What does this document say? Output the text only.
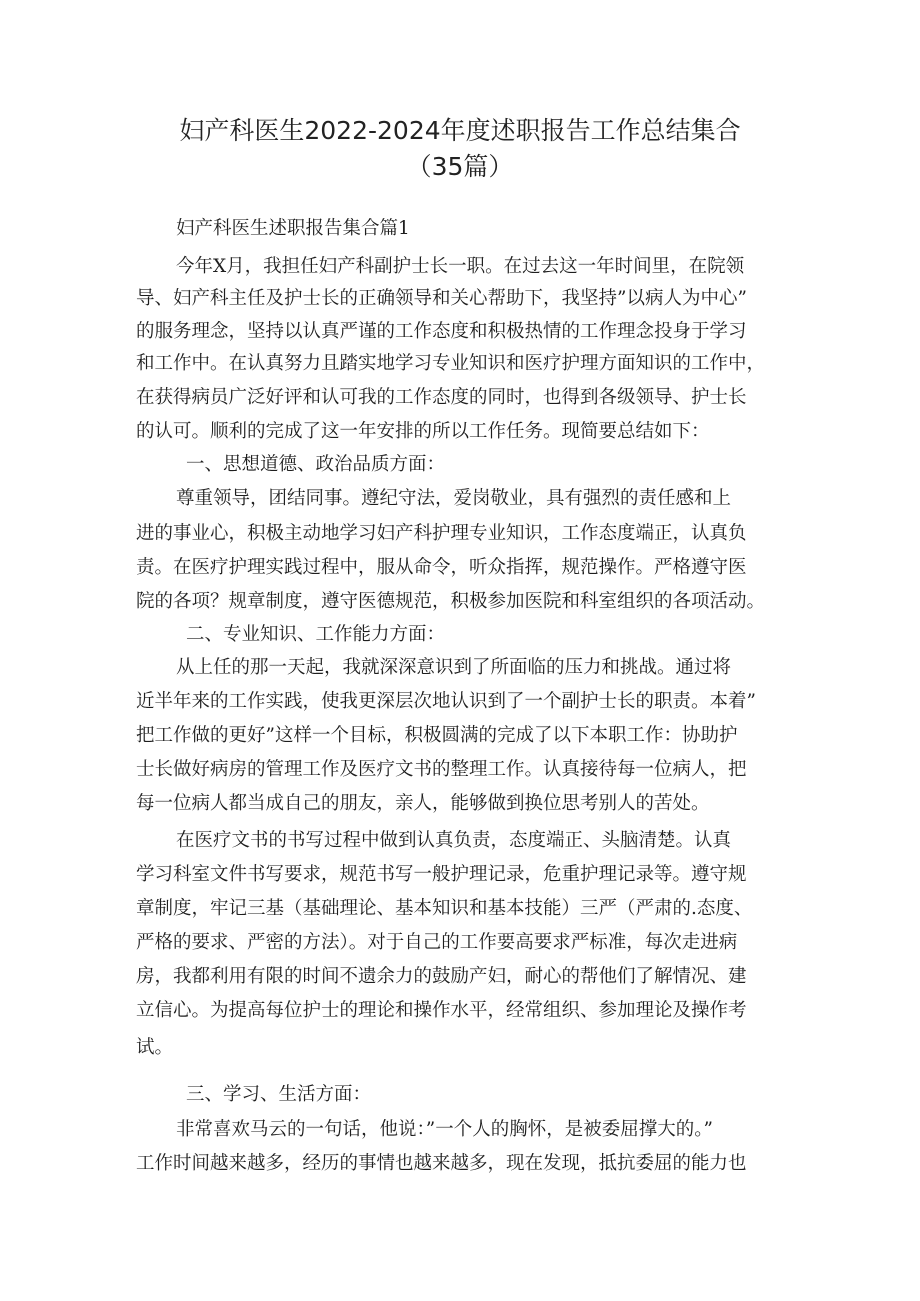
妇产科医生2022-2024年度述职报告工作总结集合
（35篇）
妇产科医生述职报告集合篇1
今年X月，我担任妇产科副护士长一职。在过去这一年时间里，在院领
导、妇产科主任及护士长的正确领导和关心帮助下，我坚持”以病人为中心”
的服务理念，坚持以认真严谨的工作态度和积极热情的工作理念投身于学习
和工作中。在认真努力且踏实地学习专业知识和医疗护理方面知识的工作中，
在获得病员广泛好评和认可我的工作态度的同时，也得到各级领导、护士长
的认可。顺利的完成了这一年安排的所以工作任务。现简要总结如下：
一、思想道德、政治品质方面：
尊重领导，团结同事。遵纪守法，爱岗敬业，具有强烈的责任感和上
进的事业心，积极主动地学习妇产科护理专业知识，工作态度端正，认真负
责。在医疗护理实践过程中，服从命令，听众指挥，规范操作。严格遵守医
院的各项？规章制度，遵守医德规范，积极参加医院和科室组织的各项活动。
二、专业知识、工作能力方面：
从上任的那一天起，我就深深意识到了所面临的压力和挑战。通过将
近半年来的工作实践，使我更深层次地认识到了一个副护士长的职责。本着”
把工作做的更好”这样一个目标，积极圆满的完成了以下本职工作：协助护
士长做好病房的管理工作及医疗文书的整理工作。认真接待每一位病人，把
每一位病人都当成自己的朋友，亲人，能够做到换位思考别人的苦处。
在医疗文书的书写过程中做到认真负责，态度端正、头脑清楚。认真
学习科室文件书写要求，规范书写一般护理记录，危重护理记录等。遵守规
章制度，牢记三基（基础理论、基本知识和基本技能）三严（严肃的.态度、
严格的要求、严密的方法）。对于自己的工作要高要求严标准，每次走进病
房，我都利用有限的时间不遗余力的鼓励产妇，耐心的帮他们了解情况、建
立信心。为提高每位护士的理论和操作水平，经常组织、参加理论及操作考
试。
三、学习、生活方面：
非常喜欢马云的一句话，他说：”一个人的胸怀，是被委屈撑大的。”
工作时间越来越多，经历的事情也越来越多，现在发现，抵抗委屈的能力也
